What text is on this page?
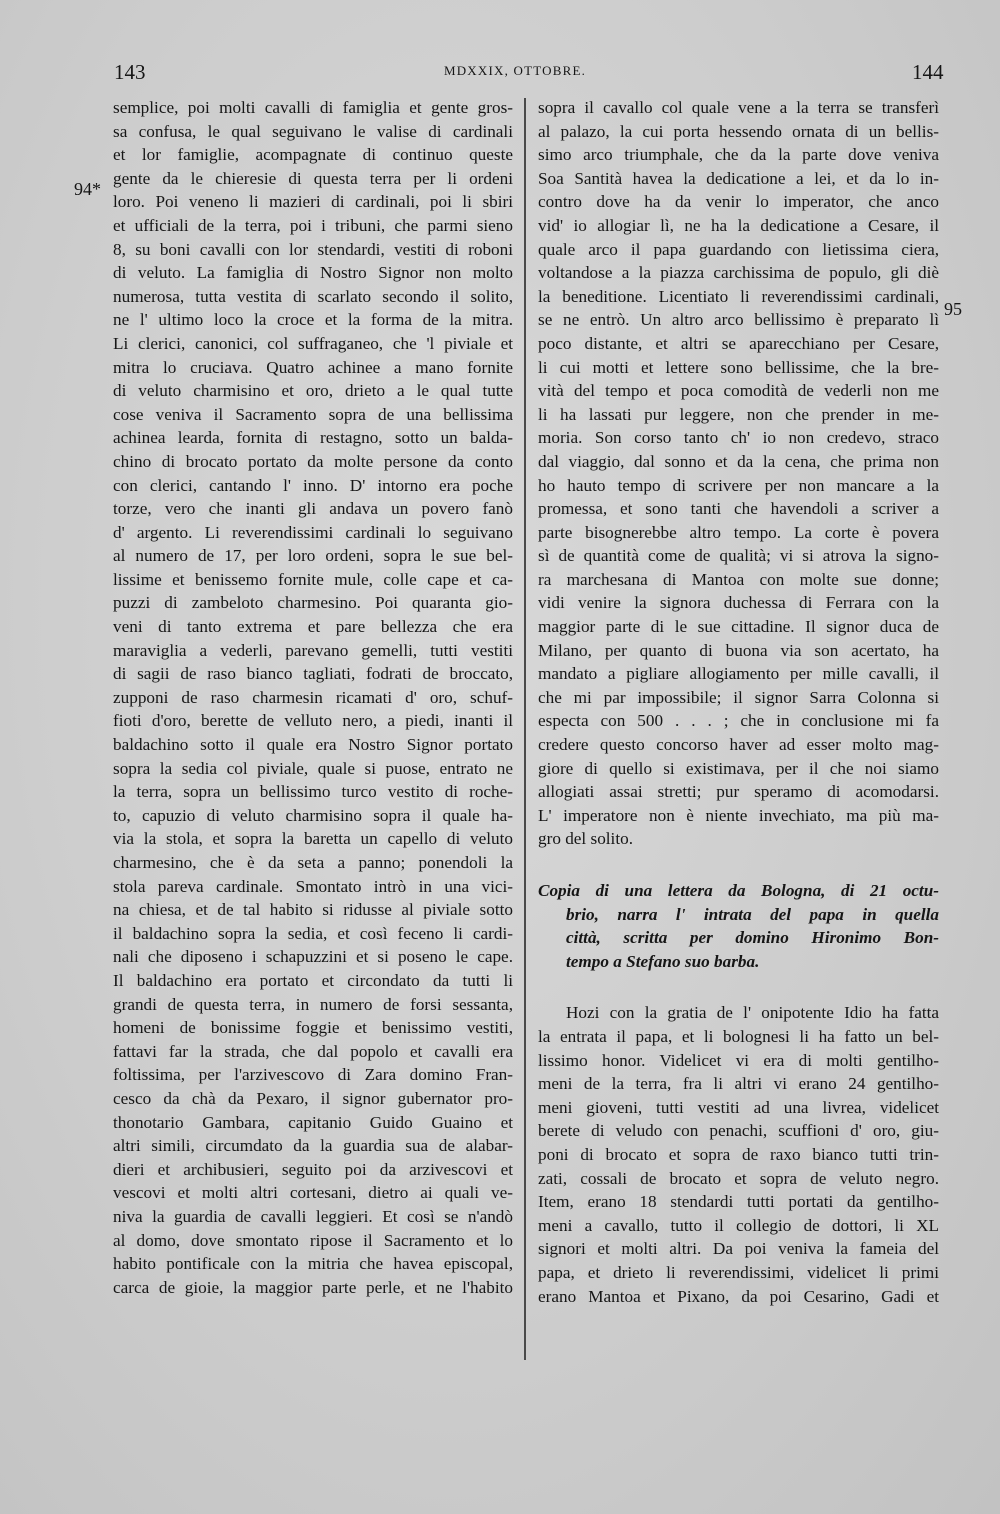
143	MDXXIX, OTTOBRE.	144
94*
95
semplice, poi molti cavalli di famiglia et gente gros-
sa confusa, le qual seguivano le valise di cardinali
et lor famiglie, acompagnate di continuo queste
gente da le chieresie di questa terra per li ordeni
loro. Poi veneno li mazieri di cardinali, poi li sbiri
et ufficiali de la terra, poi i tribuni, che parmi sieno
8, su boni cavalli con lor stendardi, vestiti di roboni
di veluto. La famiglia di Nostro Signor non molto
numerosa, tutta vestita di scarlato secondo il solito,
ne l' ultimo loco la croce et la forma de la mitra.
Li clerici, canonici, col suffraganeo, che 'l piviale et
mitra lo cruciava. Quatro achinee a mano fornite
di veluto charmisino et oro, drieto a le qual tutte
cose veniva il Sacramento sopra de una bellissima
achinea learda, fornita di restagno, sotto un balda-
chino di brocato portato da molte persone da conto
con clerici, cantando l' inno. D' intorno era poche
torze, vero che inanti gli andava un povero fanò
d' argento. Li reverendissimi cardinali lo seguivano
al numero de 17, per loro ordeni, sopra le sue bel-
lissime et benissemo fornite mule, colle cape et ca-
puzzi di zambeloto charmesino. Poi quaranta gio-
veni di tanto extrema et pare bellezza che era
maraviglia a vederli, parevano gemelli, tutti vestiti
di sagii de raso bianco tagliati, fodrati de broccato,
zupponi de raso charmesin ricamati d' oro, schuf-
fioti d'oro, berette de velluto nero, a piedi, inanti il
baldachino sotto il quale era Nostro Signor portato
sopra la sedia col piviale, quale si puose, entrato ne
la terra, sopra un bellissimo turco vestito di roche-
to, capuzio di veluto charmisino sopra il quale ha-
via la stola, et sopra la baretta un capello di veluto
charmesino, che è da seta a panno; ponendoli la
stola pareva cardinale. Smontato intrò in una vici-
na chiesa, et de tal habito si ridusse al piviale sotto
il baldachino sopra la sedia, et così feceno li cardi-
nali che diposeno i schapuzzini et si poseno le cape.
Il baldachino era portato et circondato da tutti li
grandi de questa terra, in numero de forsi sessanta,
homeni de bonissime foggie et benissimo vestiti,
fattavi far la strada, che dal popolo et cavalli era
foltissima, per l'arzivescovo di Zara domino Fran-
cesco da chà da Pexaro, il signor gubernator pro-
thonotario Gambara, capitanio Guido Guaino et
altri simili, circumdato da la guardia sua de alabar-
dieri et archibusieri, seguito poi da arzivescovi et
vescovi et molti altri cortesani, dietro ai quali ve-
niva la guardia de cavalli leggieri. Et così se n'andò
al domo, dove smontato ripose il Sacramento et lo
habito pontificale con la mitria che havea episcopal,
carca de gioie, la maggior parte perle, et ne l'habito
sopra il cavallo col quale vene a la terra se transferì
al palazo, la cui porta hessendo ornata di un bellis-
simo arco triumphale, che da la parte dove veniva
Soa Santità havea la dedicatione a lei, et da lo in-
contro dove ha da venir lo imperator, che anco
vid' io allogiar lì, ne ha la dedicatione a Cesare, il
quale arco il papa guardando con lietissima ciera,
voltandose a la piazza carchissima de populo, gli diè
la beneditione. Licentiato li reverendissimi cardinali,
se ne entrò. Un altro arco bellissimo è preparato lì
poco distante, et altri se aparecchiano per Cesare,
li cui motti et lettere sono bellissime, che la bre-
vità del tempo et poca comodità de vederli non me
li ha lassati pur leggere, non che prender in me-
moria. Son corso tanto ch' io non credevo, straco
dal viaggio, dal sonno et da la cena, che prima non
ho hauto tempo di scrivere per non mancare a la
promessa, et sono tanti che havendoli a scriver a
parte bisognerebbe altro tempo. La corte è povera
sì de quantità come de qualità; vi si atrova la signo-
ra marchesana di Mantoa con molte sue donne;
vidi venire la signora duchessa di Ferrara con la
maggior parte di le sue cittadine. Il signor duca de
Milano, per quanto di buona via son acertato, ha
mandato a pigliare allogiamento per mille cavalli, il
che mi par impossibile; il signor Sarra Colonna si
especta con 500 . . . ; che in conclusione mi fa
credere questo concorso haver ad esser molto mag-
giore di quello si existimava, per il che noi siamo
allogiati assai stretti; pur speramo di acomodarsi.
L' imperatore non è niente invechiato, ma più ma-
gro del solito.
Copia di una lettera da Bologna, di 21 octu-
brio, narra l' intrata del papa in quella
città, scritta per domino Hironimo Bon-
tempo a Stefano suo barba.
Hozi con la gratia de l' onipotente Idio ha fatta
la entrata il papa, et li bolognesi li ha fatto un bel-
lissimo honor. Videlicet vi era di molti gentilho-
meni de la terra, fra li altri vi erano 24 gentilho-
meni gioveni, tutti vestiti ad una livrea, videlicet
berete di veludo con penachi, scuffioni d' oro, giu-
poni di brocato et sopra de raxo bianco tutti trin-
zati, cossali de brocato et sopra de veluto negro.
Item, erano 18 stendardi tutti portati da gentilho-
meni a cavallo, tutto il collegio de dottori, li XL
signori et molti altri. Da poi veniva la fameia del
papa, et drieto li reverendissimi, videlicet li primi
erano Mantoa et Pixano, da poi Cesarino, Gadi et
